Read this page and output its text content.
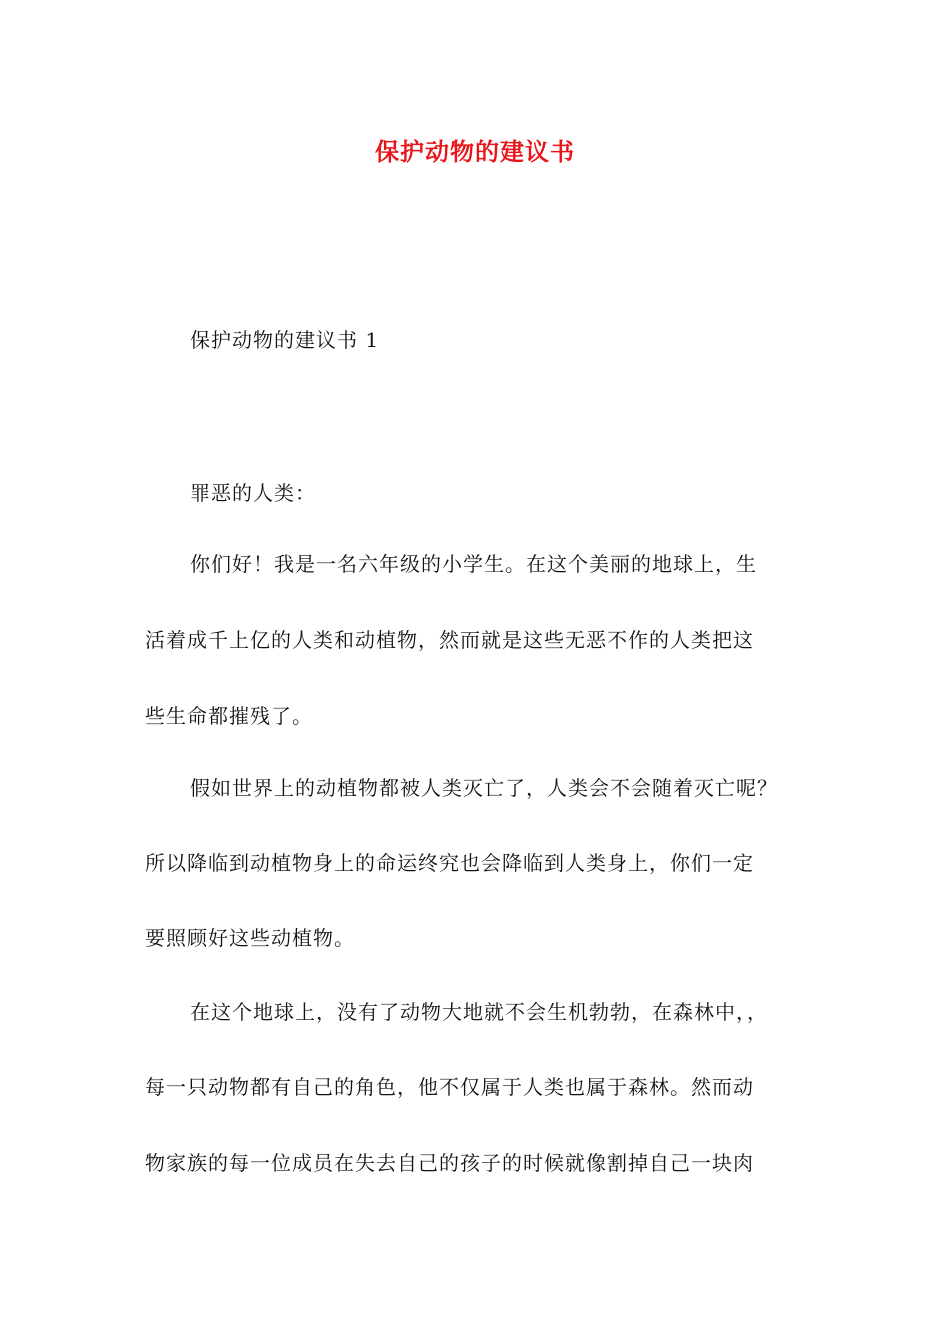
保护动物的建议书
保护动物的建议书 1
罪恶的人类：
你们好！我是一名六年级的小学生。在这个美丽的地球上，生
活着成千上亿的人类和动植物，然而就是这些无恶不作的人类把这
些生命都摧残了。
假如世界上的动植物都被人类灭亡了，人类会不会随着灭亡呢？
所以降临到动植物身上的命运终究也会降临到人类身上，你们一定
要照顾好这些动植物。
在这个地球上，没有了动物大地就不会生机勃勃，在森林中，，
每一只动物都有自己的角色，他不仅属于人类也属于森林。然而动
物家族的每一位成员在失去自己的孩子的时候就像割掉自己一块肉
